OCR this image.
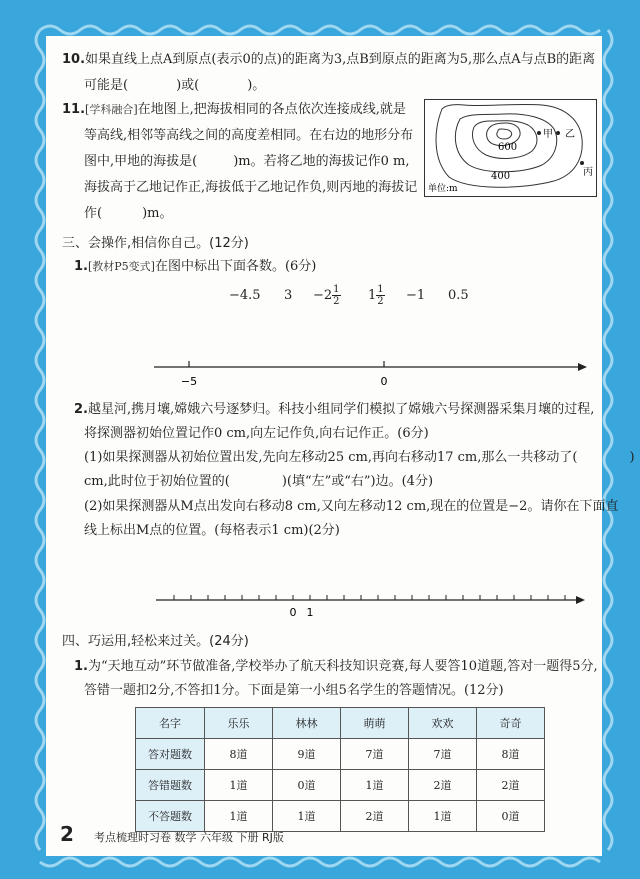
10.如果直线上点A到原点(表示0的点)的距离为3,点B到原点的距离为5,那么点A与点B的距离
可能是(	)或(	)。
11.[学科融合]在地图上,把海拔相同的各点依次连接成线,就是
等高线,相邻等高线之间的高度差相同。在右边的地形分布
图中,甲地的海拔是(	)m。若将乙地的海拔记作0 m,
海拔高于乙地记作正,海拔低于乙地记作负,则丙地的海拔记
作(	)m。
600
400
甲 乙
丙
单位:m
三、会操作,相信你自己。(12分)
1.[教材P5变式]在图中标出下面各数。(6分)
−4.5 $3 -2 \frac{1}{2} 1 \frac{1}{2} -1$ 0.5
−5	0
2.越星河,携月壤,嫦娥六号逐梦归。科技小组同学们模拟了嫦娥六号探测器采集月壤的过程,
将探测器初始位置记作0 cm,向左记作负,向右记作正。(6分)
(1)如果探测器从初始位置出发,先向左移动25 cm,再向右移动17 cm,那么一共移动了(	)
cm,此时位于初始位置的(	)(填“左”或“右”)边。(4分)
(2)如果探测器从M点出发向右移动8 cm,又向左移动12 cm,现在的位置是−2。请你在下面直
线上标出M点的位置。(每格表示1 cm)(2分)
0 1
四、巧运用,轻松来过关。(24分)
1.为“天地互动”环节做准备,学校举办了航天科技知识竞赛,每人要答10道题,答对一题得5分,
答错一题扣2分,不答扣1分。下面是第一小组5名学生的答题情况。(12分)
名字	乐乐	林林	萌萌	欢欢	奇奇
答对题数	8道	9道	7道	7道	8道
答错题数	1道	0道	1道	2道	2道
不答题数	1道	1道	2道	1道	0道
2 考点梳理时习卷 数学 六年级 下册 RJ版
